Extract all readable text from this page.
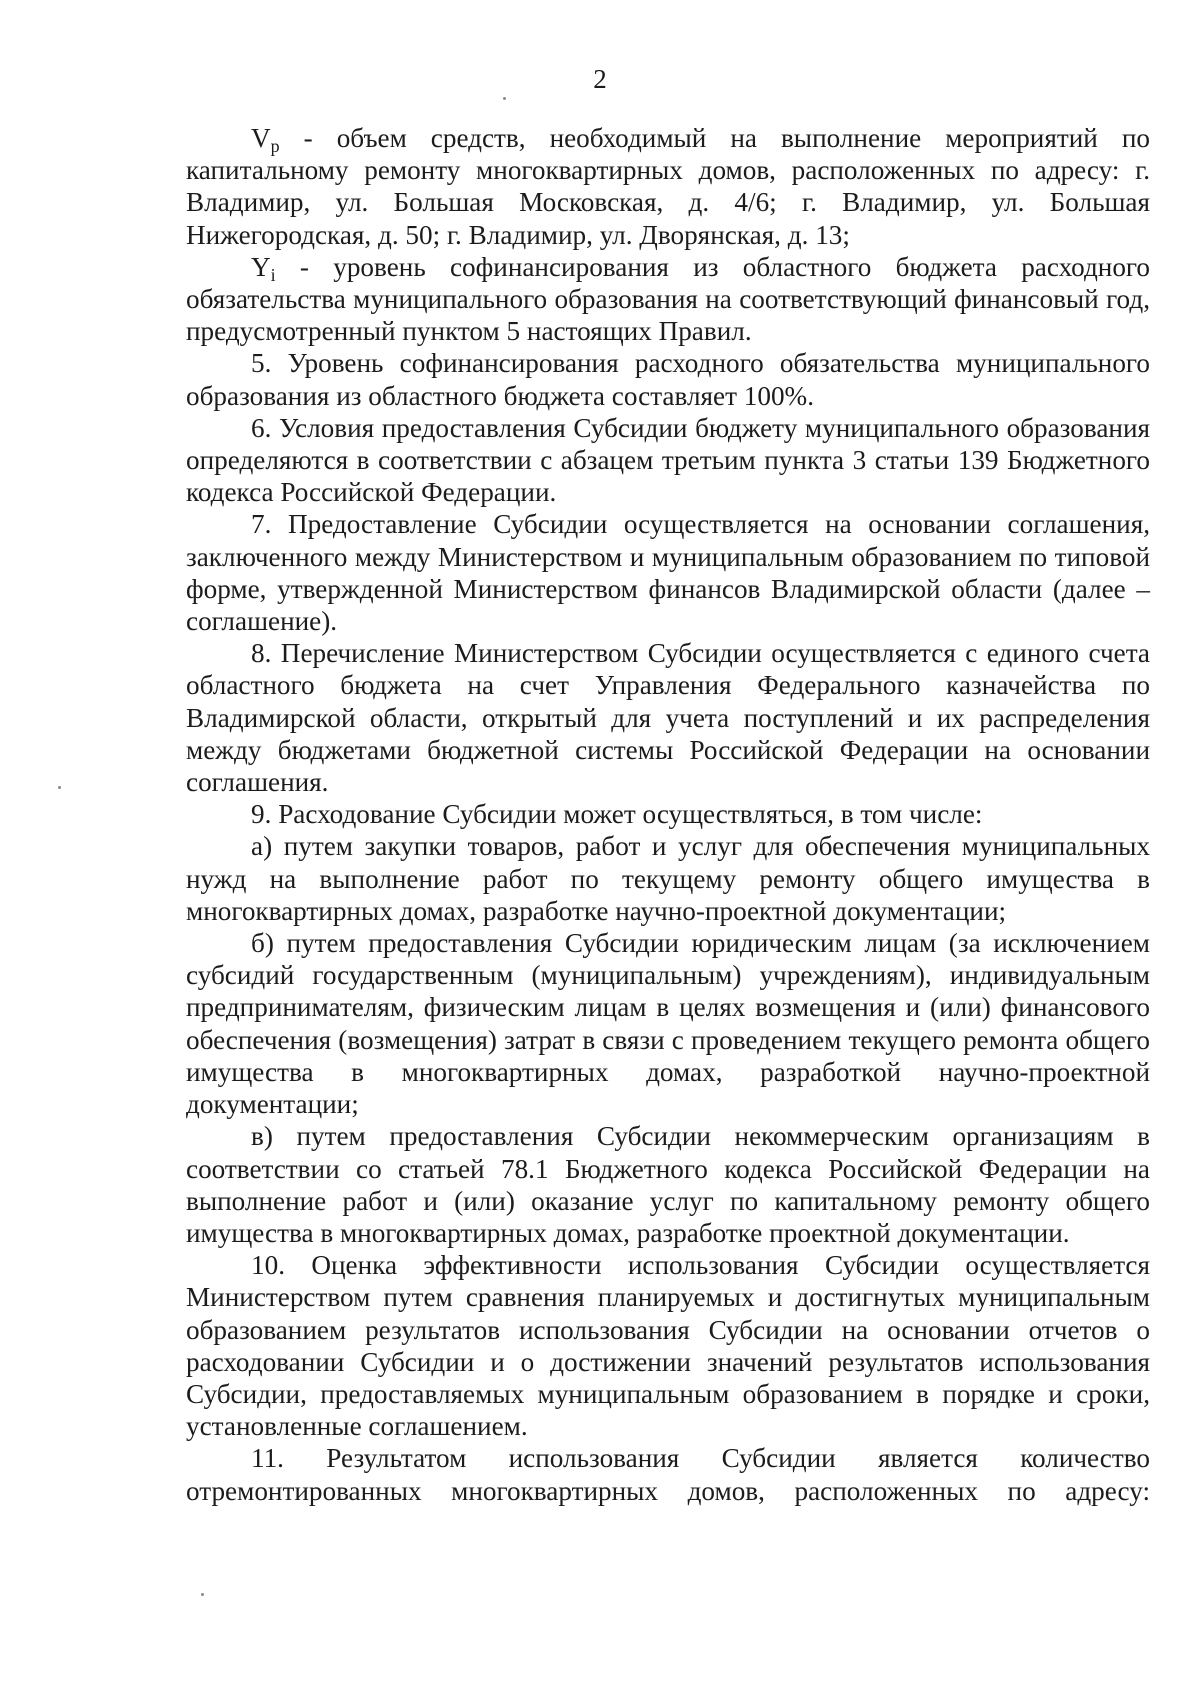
2

$V_p$ - объем средств, необходимый на выполнение мероприятий по капитальному ремонту многоквартирных домов, расположенных по адресу: г. Владимир, ул. Большая Московская, д. 4/6; г. Владимир, ул. Большая Нижегородская, д. 50; г. Владимир, ул. Дворянская, д. 13;

$Y_i$ - уровень софинансирования из областного бюджета расходного обязательства муниципального образования на соответствующий финансовый год, предусмотренный пунктом 5 настоящих Правил.

5. Уровень софинансирования расходного обязательства муниципального образования из областного бюджета составляет 100%.

6. Условия предоставления Субсидии бюджету муниципального образования определяются в соответствии с абзацем третьим пункта 3 статьи 139 Бюджетного кодекса Российской Федерации.

7. Предоставление Субсидии осуществляется на основании соглашения, заключенного между Министерством и муниципальным образованием по типовой форме, утвержденной Министерством финансов Владимирской области (далее – соглашение).

8. Перечисление Министерством Субсидии осуществляется с единого счета областного бюджета на счет Управления Федерального казначейства по Владимирской области, открытый для учета поступлений и их распределения между бюджетами бюджетной системы Российской Федерации на основании соглашения.

9. Расходование Субсидии может осуществляться, в том числе:

а) путем закупки товаров, работ и услуг для обеспечения муниципальных нужд на выполнение работ по текущему ремонту общего имущества в многоквартирных домах, разработке научно-проектной документации;

б) путем предоставления Субсидии юридическим лицам (за исключением субсидий государственным (муниципальным) учреждениям), индивидуальным предпринимателям, физическим лицам в целях возмещения и (или) финансового обеспечения (возмещения) затрат в связи с проведением текущего ремонта общего имущества в многоквартирных домах, разработкой научно-проектной документации;

в) путем предоставления Субсидии некоммерческим организациям в соответствии со статьей 78.1 Бюджетного кодекса Российской Федерации на выполнение работ и (или) оказание услуг по капитальному ремонту общего имущества в многоквартирных домах, разработке проектной документации.

10. Оценка эффективности использования Субсидии осуществляется Министерством путем сравнения планируемых и достигнутых муниципальным образованием результатов использования Субсидии на основании отчетов о расходовании Субсидии и о достижении значений результатов использования Субсидии, предоставляемых муниципальным образованием в порядке и сроки, установленные соглашением.

11. Результатом использования Субсидии является количество отремонтированных многоквартирных домов, расположенных по адресу:
